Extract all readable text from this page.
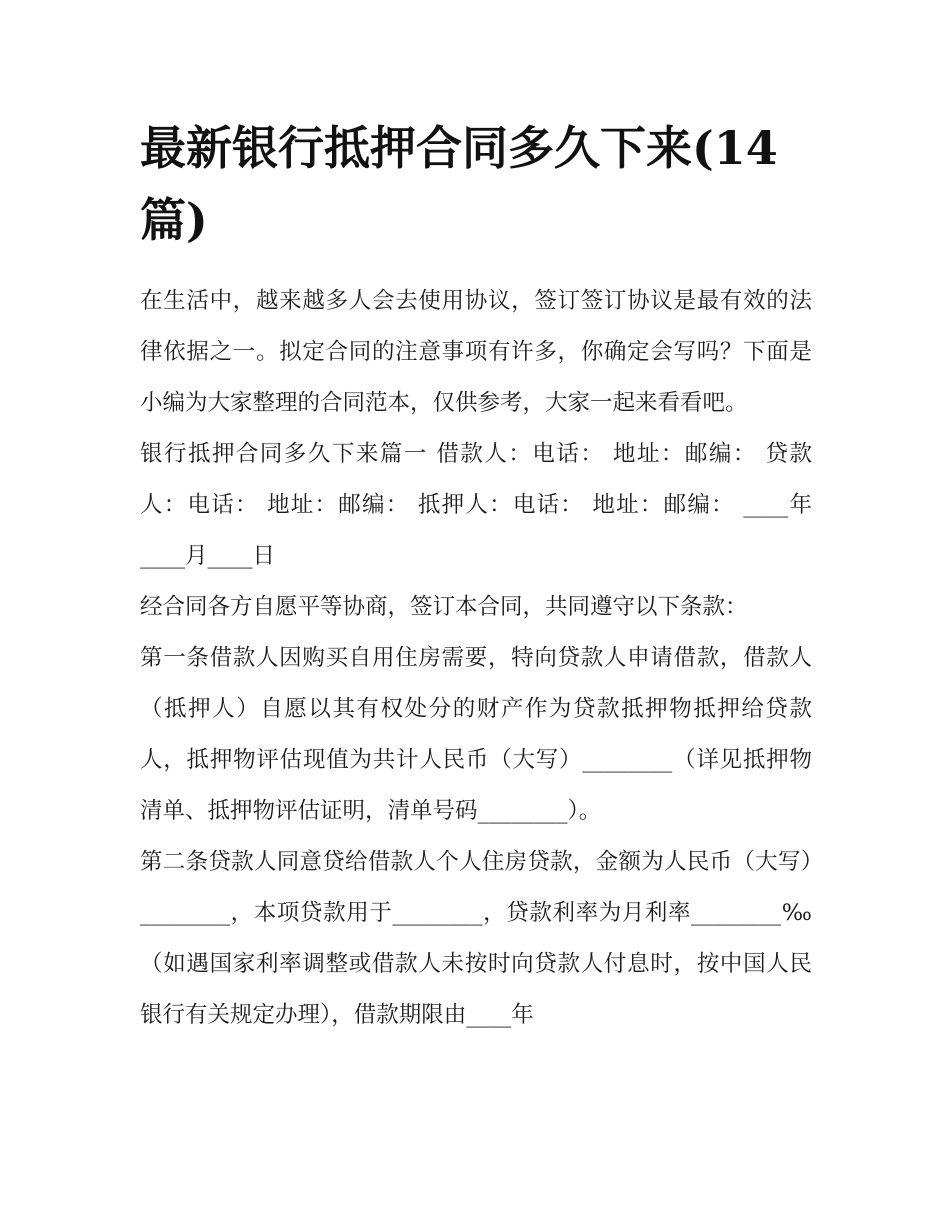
最新银行抵押合同多久下来(14篇)

在生活中，越来越多人会去使用协议，签订签订协议是最有效的法律依据之一。拟定合同的注意事项有许多，你确定会写吗？下面是小编为大家整理的合同范本，仅供参考，大家一起来看看吧。

银行抵押合同多久下来篇一 借款人：电话： 地址：邮编： 贷款人：电话： 地址：邮编： 抵押人：电话： 地址：邮编： ____年____月____日

经合同各方自愿平等协商，签订本合同，共同遵守以下条款：

第一条借款人因购买自用住房需要，特向贷款人申请借款，借款人（抵押人）自愿以其有权处分的财产作为贷款抵押物抵押给贷款人，抵押物评估现值为共计人民币（大写）________（详见抵押物清单、抵押物评估证明，清单号码________）。

第二条贷款人同意贷给借款人个人住房贷款，金额为人民币（大写）________，本项贷款用于________，贷款利率为月利率________‰（如遇国家利率调整或借款人未按时向贷款人付息时，按中国人民银行有关规定办理），借款期限由____年
